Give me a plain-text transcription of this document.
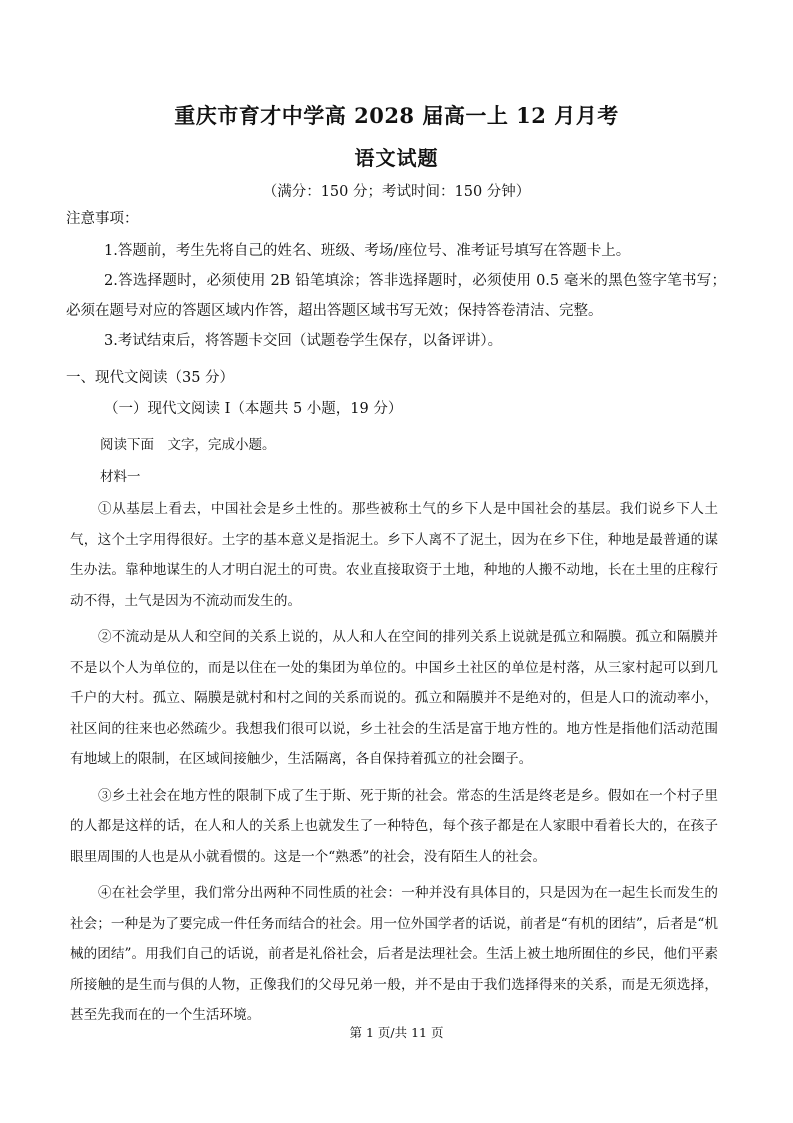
重庆市育才中学高 2028 届高一上 12 月月考
语文试题
（满分：150 分；考试时间：150 分钟）
注意事项：

1.答题前，考生先将自己的姓名、班级、考场/座位号、准考证号填写在答题卡上。

2.答选择题时，必须使用 2B 铅笔填涂；答非选择题时，必须使用 0.5 毫米的黑色签字笔书写；必须在题号对应的答题区域内作答，超出答题区域书写无效；保持答卷清洁、完整。

3.考试结束后，将答题卡交回（试题卷学生保存，以备评讲）。

一、现代文阅读（35 分）
（一）现代文阅读 I（本题共 5 小题，19 分）
阅读下面　文字，完成小题。
材料一

①从基层上看去，中国社会是乡土性的。那些被称土气的乡下人是中国社会的基层。我们说乡下人土气，这个土字用得很好。土字的基本意义是指泥土。乡下人离不了泥土，因为在乡下住，种地是最普通的谋生办法。靠种地谋生的人才明白泥土的可贵。农业直接取资于土地，种地的人搬不动地，长在土里的庄稼行动不得，土气是因为不流动而发生的。

②不流动是从人和空间的关系上说的，从人和人在空间的排列关系上说就是孤立和隔膜。孤立和隔膜并不是以个人为单位的，而是以住在一处的集团为单位的。中国乡土社区的单位是村落，从三家村起可以到几千户的大村。孤立、隔膜是就村和村之间的关系而说的。孤立和隔膜并不是绝对的，但是人口的流动率小，社区间的往来也必然疏少。我想我们很可以说，乡土社会的生活是富于地方性的。地方性是指他们活动范围有地域上的限制，在区域间接触少，生活隔离，各自保持着孤立的社会圈子。

③乡土社会在地方性的限制下成了生于斯、死于斯的社会。常态的生活是终老是乡。假如在一个村子里的人都是这样的话，在人和人的关系上也就发生了一种特色，每个孩子都是在人家眼中看着长大的，在孩子眼里周围的人也是从小就看惯的。这是一个“熟悉”的社会，没有陌生人的社会。

④在社会学里，我们常分出两种不同性质的社会：一种并没有具体目的，只是因为在一起生长而发生的社会；一种是为了要完成一件任务而结合的社会。用一位外国学者的话说，前者是“有机的团结”，后者是“机械的团结”。用我们自己的话说，前者是礼俗社会，后者是法理社会。生活上被土地所囿住的乡民，他们平素所接触的是生而与俱的人物，正像我们的父母兄弟一般，并不是由于我们选择得来的关系，而是无须选择，甚至先我而在的一个生活环境。

第 1 页/共 11 页
